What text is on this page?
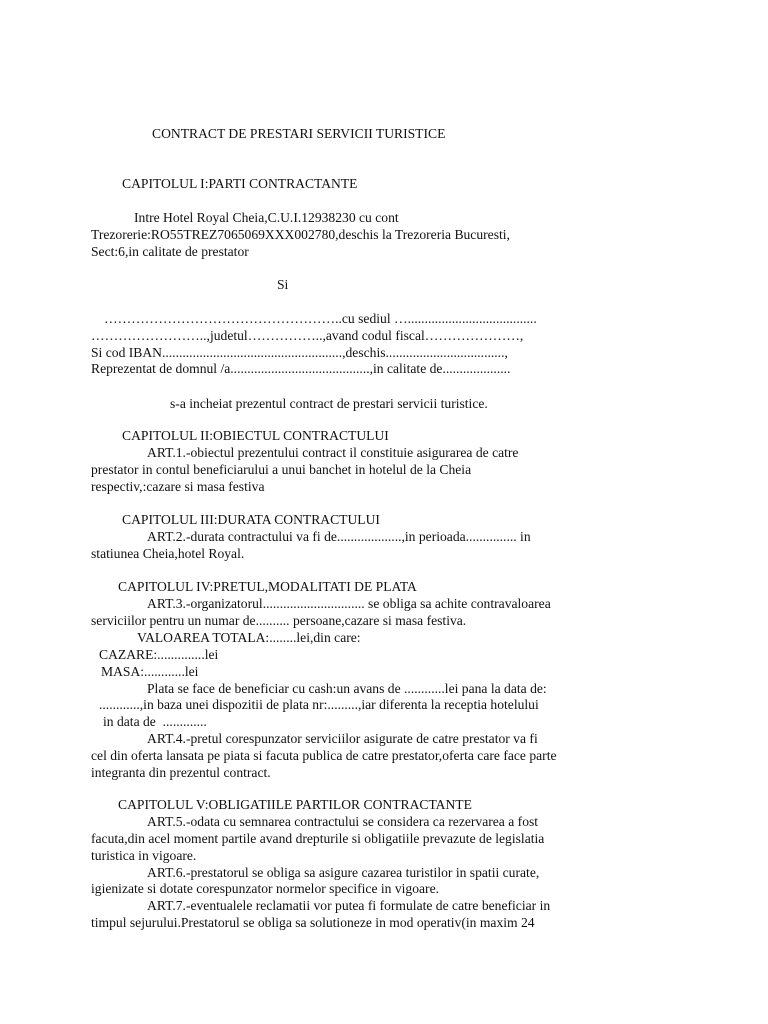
CONTRACT DE PRESTARI SERVICII TURISTICE
CAPITOLUL I:PARTI CONTRACTANTE
Intre Hotel Royal Cheia,C.U.I.12938230 cu cont
Trezorerie:RO55TREZ7065069XXX002780,deschis la Trezoreria Bucuresti,
Sect:6,in calitate de prestator
Si
……………………………………………..cu sediul …......................................
……………………..,judetul……………..,avand codul fiscal…………………,
Si cod IBAN.....................................................,deschis...................................,
Reprezentat de domnul /a.........................................,in calitate de....................
s-a incheiat prezentul contract de prestari servicii turistice.
CAPITOLUL II:OBIECTUL CONTRACTULUI
ART.1.-obiectul prezentului contract il constituie asigurarea de catre
prestator in contul beneficiarului a unui banchet in hotelul de la Cheia
respectiv,:cazare si masa festiva
CAPITOLUL III:DURATA CONTRACTULUI
ART.2.-durata contractului va fi de...................,in perioada............... in
statiunea Cheia,hotel Royal.
CAPITOLUL IV:PRETUL,MODALITATI DE PLATA
ART.3.-organizatorul.............................. se obliga sa achite contravaloarea
serviciilor pentru un numar de.......... persoane,cazare si masa festiva.
VALOAREA TOTALA:........lei,din care:
CAZARE:..............lei
MASA:............lei
Plata se face de beneficiar cu cash:un avans de ............lei pana la data de:
............,in baza unei dispozitii de plata nr:.........,iar diferenta la receptia hotelului
in data de  .............
ART.4.-pretul corespunzator serviciilor asigurate de catre prestator va fi
cel din oferta lansata pe piata si facuta publica de catre prestator,oferta care face parte
integranta din prezentul contract.
CAPITOLUL V:OBLIGATIILE PARTILOR CONTRACTANTE
ART.5.-odata cu semnarea contractului se considera ca rezervarea a fost
facuta,din acel moment partile avand drepturile si obligatiile prevazute de legislatia
turistica in vigoare.
ART.6.-prestatorul se obliga sa asigure cazarea turistilor in spatii curate,
igienizate si dotate corespunzator normelor specifice in vigoare.
ART.7.-eventualele reclamatii vor putea fi formulate de catre beneficiar in
timpul sejurului.Prestatorul se obliga sa solutioneze in mod operativ(in maxim 24
